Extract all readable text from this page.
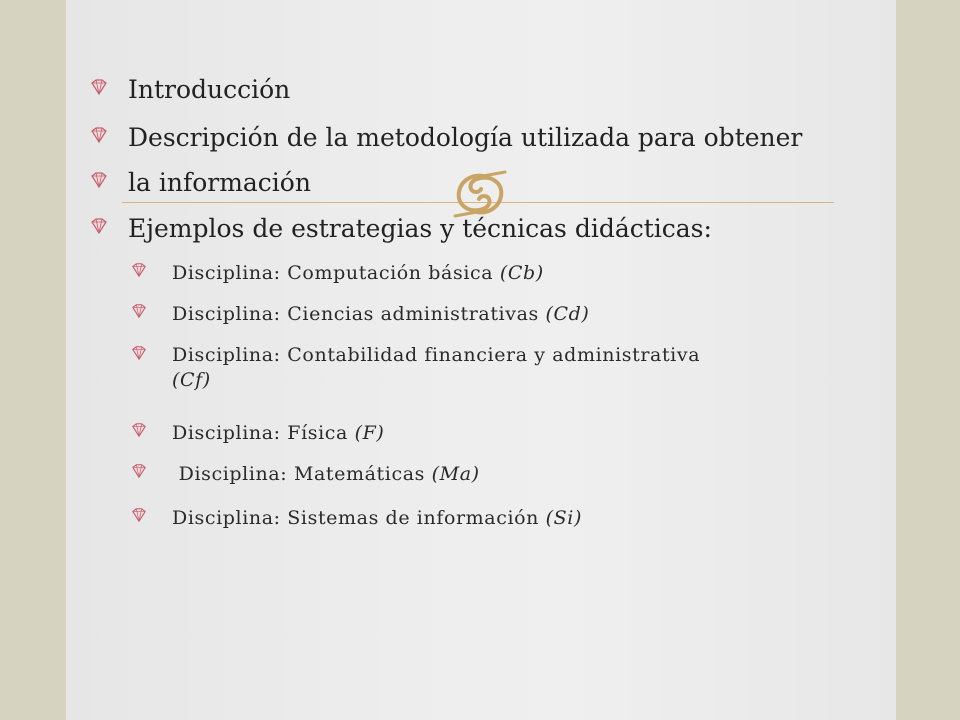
Introducción
Descripción de la metodología utilizada para obtener
la información
Ejemplos de estrategias y técnicas didácticas:
Disciplina: Computación básica (Cb)
Disciplina: Ciencias administrativas (Cd)
Disciplina: Contabilidad financiera y administrativa
(Cf)
Disciplina: Física (F)
Disciplina: Matemáticas (Ma)
Disciplina: Sistemas de información (Si)
